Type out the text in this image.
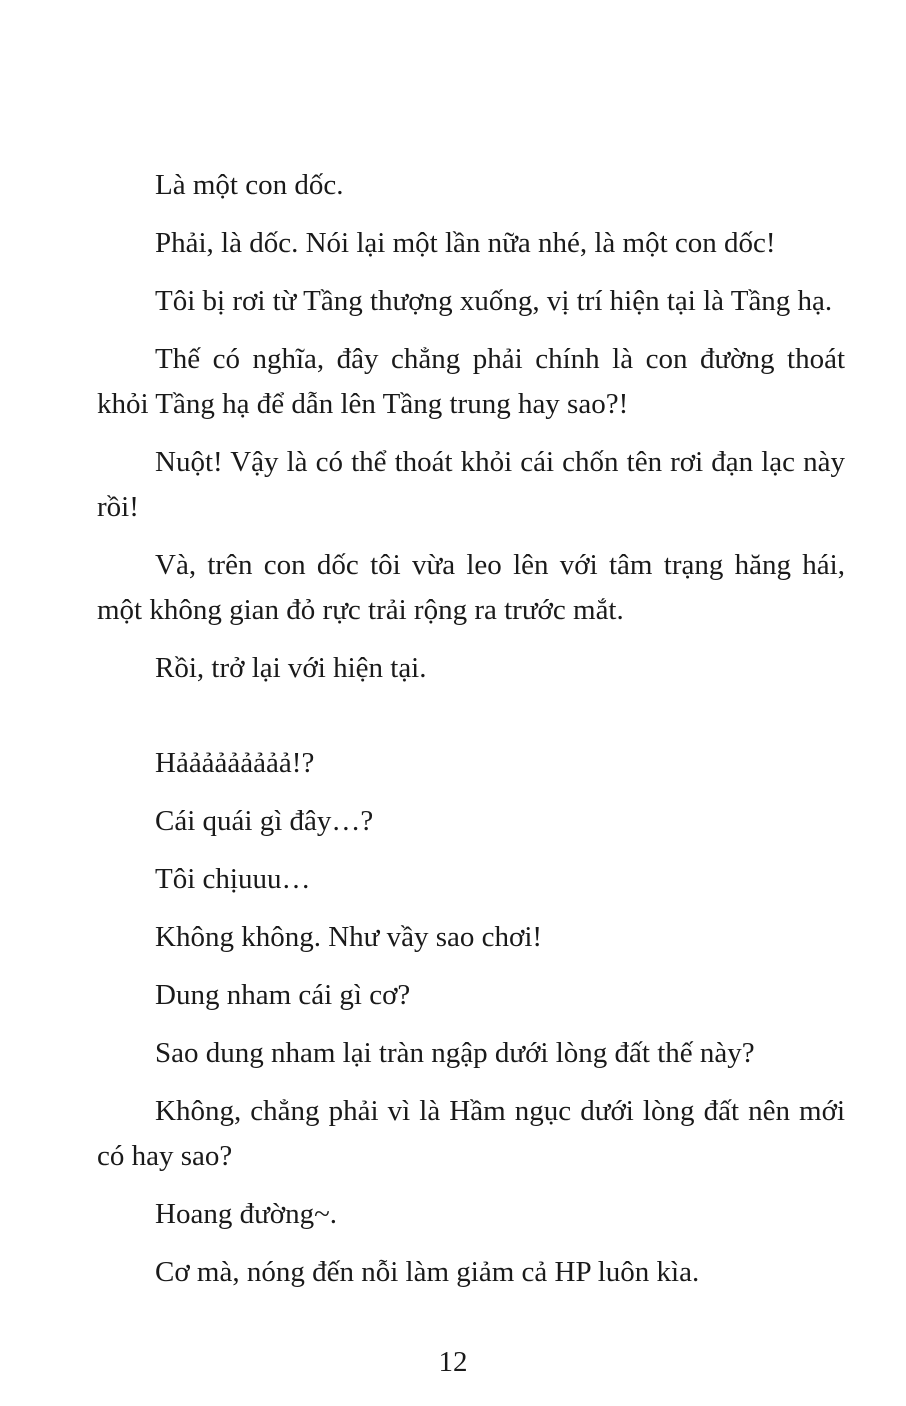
Là một con dốc.

Phải, là dốc. Nói lại một lần nữa nhé, là một con dốc!

Tôi bị rơi từ Tầng thượng xuống, vị trí hiện tại là Tầng hạ.

Thế có nghĩa, đây chẳng phải chính là con đường thoát khỏi Tầng hạ để dẫn lên Tầng trung hay sao?!

Nuột! Vậy là có thể thoát khỏi cái chốn tên rơi đạn lạc này rồi!

Và, trên con dốc tôi vừa leo lên với tâm trạng hăng hái, một không gian đỏ rực trải rộng ra trước mắt.

Rồi, trở lại với hiện tại.

Hảảảảảảảảả!?

Cái quái gì đây…?

Tôi chịuuu…

Không không. Như vầy sao chơi!

Dung nham cái gì cơ?

Sao dung nham lại tràn ngập dưới lòng đất thế này?

Không, chẳng phải vì là Hầm ngục dưới lòng đất nên mới có hay sao?

Hoang đường~.

Cơ mà, nóng đến nỗi làm giảm cả HP luôn kìa.

12
